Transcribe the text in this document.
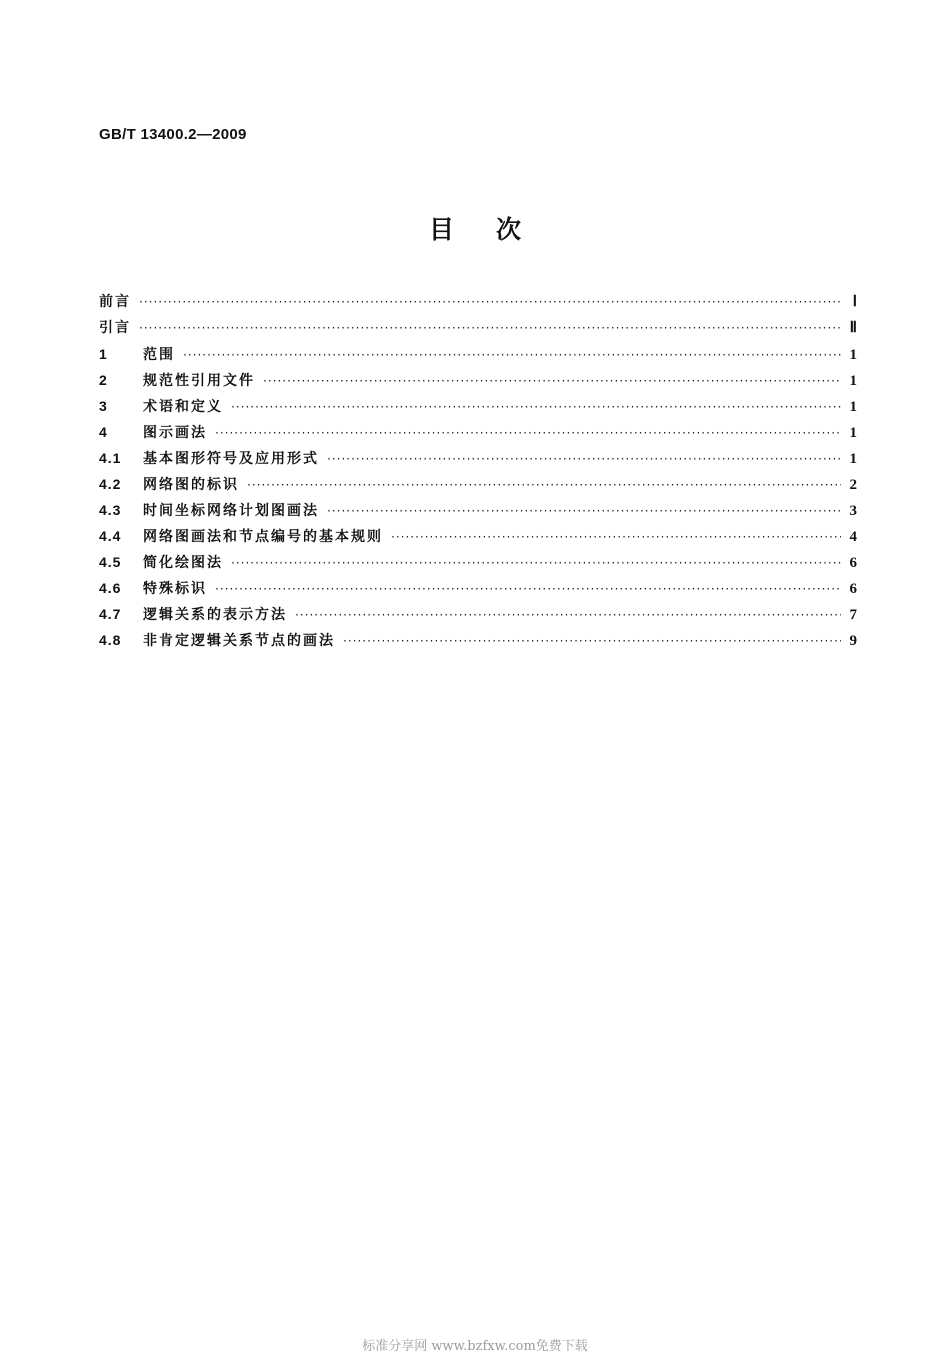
GB/T 13400.2—2009
目 次
前言 ·····	Ⅰ
引言 ·····	Ⅱ
1	范围 ·····	1
2	规范性引用文件 ·····	1
3	术语和定义 ·····	1
4	图示画法 ·····	1
4.1	基本图形符号及应用形式 ·····	1
4.2	网络图的标识 ·····	2
4.3	时间坐标网络计划图画法 ·····	3
4.4	网络图画法和节点编号的基本规则 ·····	4
4.5	简化绘图法 ·····	6
4.6	特殊标识 ·····	6
4.7	逻辑关系的表示方法 ·····	7
4.8	非肯定逻辑关系节点的画法 ·····	9
标准分享网 www.bzfxw.com免费下载
